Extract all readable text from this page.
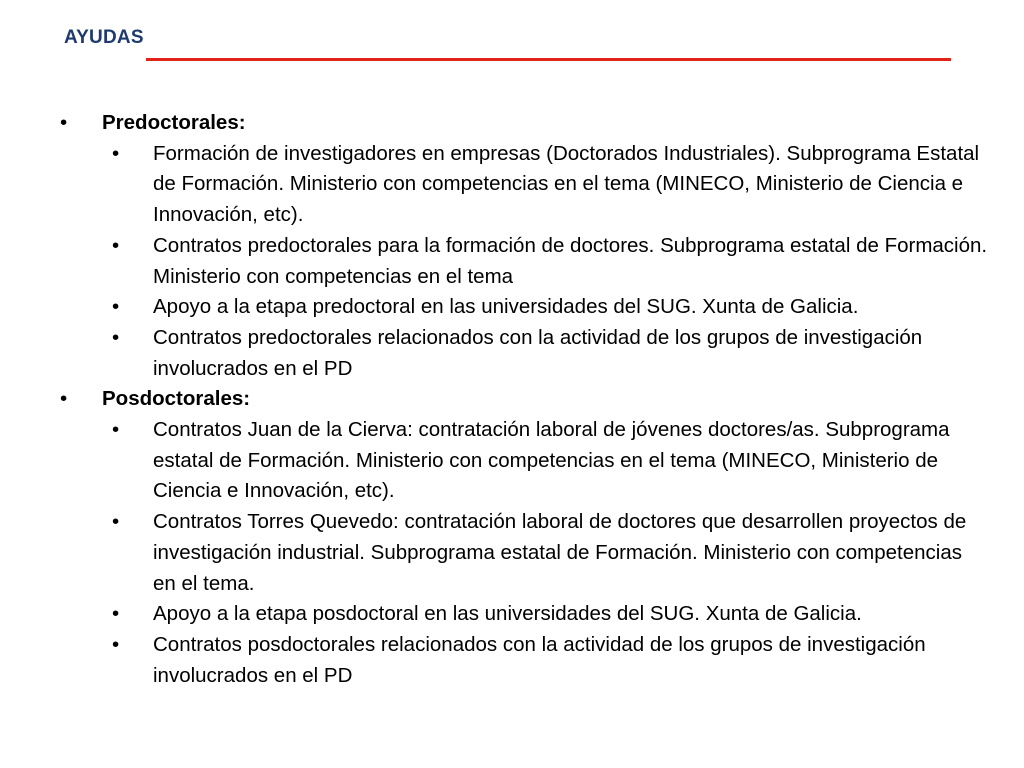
AYUDAS
•	Predoctorales:
•	Formación de investigadores en empresas (Doctorados Industriales). Subprograma Estatal de Formación. Ministerio con competencias en el tema (MINECO, Ministerio de Ciencia e Innovación, etc).
•	Contratos predoctorales para la formación de doctores. Subprograma estatal de Formación. Ministerio con competencias en el tema
•	Apoyo a la etapa predoctoral en las universidades del SUG. Xunta de Galicia.
•	Contratos predoctorales relacionados con la actividad de los grupos de investigación involucrados en el PD
•	Posdoctorales:
•	Contratos Juan de la Cierva: contratación laboral de jóvenes doctores/as. Subprograma estatal de Formación. Ministerio con competencias en el tema (MINECO, Ministerio de Ciencia e Innovación, etc).
•	Contratos Torres Quevedo: contratación laboral de doctores que desarrollen proyectos de investigación industrial. Subprograma estatal de Formación. Ministerio con competencias en el tema.
•	Apoyo a la etapa posdoctoral en las universidades del SUG. Xunta de Galicia.
•	Contratos posdoctorales relacionados con la actividad de los grupos de investigación involucrados en el PD
